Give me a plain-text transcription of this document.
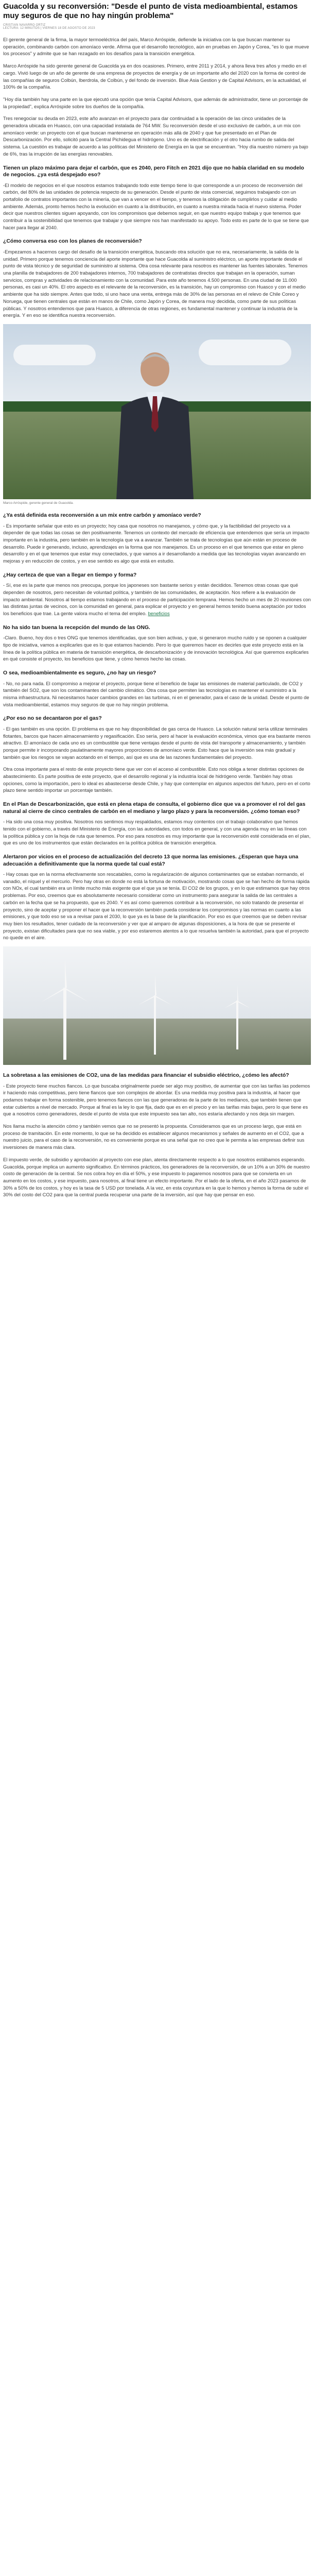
Guacolda y su reconversión: "Desde el punto de vista medioambiental, estamos muy seguros de que no hay ningún problema"
CRISTIAN NAVARRO ORTIZ
LECTURA: 12 MINUTOS | VIERNES 18 DE AGOSTO DE 2023

El gerente general de la firma, la mayor termoeléctrica del país, Marco Arróspide, defiende la iniciativa con la que buscan mantener su operación, combinando carbón con amoníaco verde. Afirma que el desarrollo tecnológico, aún en pruebas en Japón y Corea, "es lo que mueve los procesos" y admite que se han rezagado en los desafíos para la transición energética.

Marco Arróspide ha sido gerente general de Guacolda ya en dos ocasiones. Primero, entre 2011 y 2014, y ahora lleva tres años y medio en el cargo. Vivió luego de un año de gerente de una empresa de proyectos de energía y de un importante año del 2020 con la forma de control de las compañías de seguros Colbún, Iberdrola, de Colbún, y del fondo de inversión. Blue Asia Gestion y de Capital Advisors, en la actualidad, el 100% de la compañía.

"Hoy día también hay una parte en la que ejecutó una opción que tenía Capital Advisors, que además de administrador, tiene un porcentaje de la propiedad", explica Arróspide sobre los dueños de la compañía.

Tres renegociar su deuda en 2023, este año avanzan en el proyecto para dar continuidad a la operación de las cinco unidades de la generadora ubicada en Huasco, con una capacidad instalada de 764 MW. Su reconversión desde el uso exclusivo de carbón, a un mix con amoníaco verde: un proyecto con el que buscan mantenerse en operación más allá de 2040 y que fue presentado en el Plan de Descarbonización. Por ello, solicitó para la Central Pichidegua el hidrógeno. Uno es de electrificación y el otro hacia rumbo de salida del sistema. La cuestión es trabajar de acuerdo a las políticas del Ministerio de Energía en la que se encuentran. "Hoy día nuestro número ya bajo de 6%, tras la irrupción de las energías renovables.

Tienen un plazo máximo para dejar el carbón, que es 2040, pero Fitch en 2021 dijo que no había claridad en su modelo de negocios. ¿ya está despejado eso?

-El modelo de negocios en el que nosotros estamos trabajando todo este tiempo tiene lo que corresponde a un proceso de reconversión del carbón, del 80% de las unidades de potencia respecto de su generación. Desde el punto de vista comercial, seguimos trabajando con un portafolio de contratos importantes con la minería, que van a vencer en el tiempo, y tenemos la obligación de cumplirlos y cuidar al medio ambiente. Además, pronto hemos hecho la evolución en cuanto a la distribución, en cuanto a nuestra mirada hacia el nuevo sistema. Poder decir que nuestros clientes siguen apoyando, con los compromisos que debemos seguir, en que nuestro equipo trabaja y que tenemos que contribuir a la sostenibilidad que tenemos que trabajar y que siempre nos han manifestado su apoyo. Todo esto es parte de lo que se tiene que hacer para llegar al 2040.

¿Cómo conversa eso con los planes de reconversión?

-Empezamos a hacernos cargo del desafío de la transición energética, buscando otra solución que no era, necesariamente, la salida de la unidad. Primero porque tenemos conciencia del aporte importante que hace Guacolda al suministro eléctrico, un aporte importante desde el punto de vista técnico y de seguridad de suministro al sistema. Otra cosa relevante para nosotros es mantener las fuentes laborales. Tenemos una planilla de trabajadores de 200 trabajadores internos, 700 trabajadores de contratistas directos que trabajan en la operación, suman servicios, compras y actividades de relacionamiento con la comunidad. Para este año tenemos 4.500 personas. En una ciudad de 11.000 personas, es casi un 40%. El otro aspecto es el relevante de la reconversión, es la transición, hay un compromiso con Huasco y con el medio ambiente que ha sido siempre. Antes que todo, si uno hace una venta, entrega más de 30% de las personas en el relevo de Chile Coreo y Noruega, que tienen centrales que están en manos de Chile, como Japón y Corea, de manera muy decidida, como parte de sus políticas públicas. Y nosotros entendemos que para Huasco, a diferencia de otras regiones, es fundamental mantener y continuar la industria de la energía. Y en eso se identifica nuestra reconversión.

Marco Arróspide, gerente general de Guacolda.
¿Ya está definida esta reconversión a un mix entre carbón y amoníaco verde?

- Es importante señalar que esto es un proyecto; hoy casa que nosotros no manejamos, y cómo que, y la factibilidad del proyecto va a depender de que todas las cosas se den positivamente. Tenemos un contexto del mercado de eficiencia que entendemos que sería un impacto importante en la industria, pero también en la tecnología que va a avanzar. También se trata de tecnologías que aún están en proceso de desarrollo. Puede ir generando, incluso, aprendizajes en la forma que nos manejamos. Es un proceso en el que tenemos que estar en pleno desarrollo y en el que tenemos que estar muy conectados, y que vamos a ir desarrollando a medida que las tecnologías vayan avanzando en mejoras y en reducción de costos, y en ese sentido es algo que está en estudio.

¿Hay certeza de que van a llegar en tiempo y forma?

- Sí, ese es la parte que menos nos preocupa, porque los japoneses son bastante serios y están decididos. Tenemos otras cosas que qué dependen de nosotros, pero necesitan de voluntad política, y también de las comunidades, de aceptación. Nos refiere a la evaluación de impacto ambiental. Nosotros al tiempo estamos trabajando en el proceso de participación temprana. Hemos hecho un mes de 20 reuniones con las distintas juntas de vecinos, con la comunidad en general, para explicar el proyecto y en general hemos tenido buena aceptación por todos los beneficios que trae. La gente valora mucho el tema del empleo. beneficios

No ha sido tan buena la recepción del mundo de las ONG.

-Claro. Bueno, hoy dos o tres ONG que tenemos identificadas, que son bien activas, y que, si generaron mucho ruido y se oponen a cualquier tipo de iniciativa, vamos a explicarles que es lo que estamos haciendo. Pero lo que queremos hacer es decirles que este proyecto está en la línea de la política pública en materia de transición energética, de descarbonización y de innovación tecnológica. Así que queremos explicarles en qué consiste el proyecto, los beneficios que tiene, y cómo hemos hecho las cosas.

O sea, medioambientalmente es seguro, ¿no hay un riesgo?

- No, no para nada. El compromiso a mejorar el proyecto, porque tiene el beneficio de bajar las emisiones de material particulado, de CO2 y también del SO2, que son los contaminantes del cambio climático. Otra cosa que permiten las tecnologías es mantener el suministro a la misma infraestructura. Ni necesitamos hacer cambios grandes en las turbinas, ni en el generador, para el caso de la unidad. Desde el punto de vista medioambiental, estamos muy seguros de que no hay ningún problema.

¿Por eso no se decantaron por el gas?

- El gas también es una opción. El problema es que no hay disponibilidad de gas cerca de Huasco. La solución natural sería utilizar terminales flotantes, barcos que hacen almacenamiento y regasificación. Eso sería, pero al hacer la evaluación económica, vimos que era bastante menos atractivo. El amoníaco de cada uno es un combustible que tiene ventajas desde el punto de vista del transporte y almacenamiento, y también porque permite ir incorporando paulatinamente mayores proporciones de amoníaco verde. Esto hace que la inversión sea más gradual y también que los riesgos se vayan acotando en el tiempo, así que es una de las razones fundamentales del proyecto.

Otra cosa importante para el resto de este proyecto tiene que ver con el acceso al combustible. Esto nos obliga a tener distintas opciones de abastecimiento. Es parte positiva de este proyecto, que el desarrollo regional y la industria local de hidrógeno verde. También hay otras opciones, como la importación, pero lo ideal es abastecerse desde Chile, y hay que contemplar en algunos aspectos del futuro, pero en el corto plazo tiene sentido importar un porcentaje también.

En el Plan de Descarbonización, que está en plena etapa de consulta, el gobierno dice que va a promover el rol del gas natural al cierre de cinco centrales de carbón en el mediano y largo plazo y para la reconversión. ¿cómo toman eso?

- Ha sido una cosa muy positiva. Nosotros nos sentimos muy respaldados, estamos muy contentos con el trabajo colaborativo que hemos tenido con el gobierno, a través del Ministerio de Energía, con las autoridades, con todos en general, y con una agenda muy en las líneas con la política pública y con la hoja de ruta que tenemos. Por eso para nosotros es muy importante que la reconversión esté considerada en el plan, que es uno de los instrumentos que están declarados en la política pública de transición energética.

Alertaron por vicios en el proceso de actualización del decreto 13 que norma las emisiones. ¿Esperan que haya una adecuación a definitivamente que la norma quede tal cual está?

- Hay cosas que en la norma efectivamente son rescatables, como la regularización de algunos contaminantes que se estaban normando, el vanadio, el níquel y el mercurio. Pero hay otras en donde no está la fortuna de motivación, mostrando cosas que se han hecho de forma rápida con NOx, el cual también era un límite mucho más exigente que el que ya se tenía. El CO2 de los grupos, y en lo que estimamos que hay otros problemas. Por eso, creemos que es absolutamente necesario considerar como un instrumento para asegurar la salida de las centrales a carbón en la fecha que se ha propuesto, que es 2040. Y es así como queremos contribuir a la reconversión, no solo tratando de presentar el proyecto, sino de aceptar y proponer el hacer que la reconversión también pueda considerar los compromisos y las normas en cuanto a las emisiones, y que todo eso se va a revisar para el 2030, lo que ya es la base de la planificación. Por eso es que creemos que se deben revisar muy bien los resultados, tener cuidado de la reconversión y ver que al amparo de algunas disposiciones, a la hora de que se presente el proyecto, existan dificultades para que no sea viable, y por eso estaremos atentos a lo que resuelva también la autoridad, para que el proyecto no quede en el aire.

La sobretasa a las emisiones de CO2, una de las medidas para financiar el subsidio eléctrico, ¿cómo les afectó?

- Este proyecto tiene muchos flancos. Lo que buscaba originalmente puede ser algo muy positivo, de aumentar que con las tarifas las podemos ir haciendo más competitivas, pero tiene flancos que son complejos de abordar. Es una medida muy positiva para la industria, al hacer que podamos trabajar en forma sostenible, pero tenemos flancos con las que generadoras de la parte de los medianos, que también tienen que estar cubiertos a nivel de mercado. Porque al final es la ley lo que fija, dado que es en el precio y en las tarifas más bajas, pero lo que tiene es que a nosotros como generadores, desde el punto de vista que este impuesto sea tan alto, nos estaría afectando y nos deja sin margen.

Nos llama mucho la atención cómo y también vemos que no se presentó la propuesta. Consideramos que es un proceso largo, que está en proceso de tramitación. En este momento, lo que se ha decidido es establecer algunos mecanismos y señales de aumento en el CO2, que a nuestro juicio, para el caso de la reconversión, no es conveniente porque es una señal que no creo que le permita a las empresas definir sus inversiones de manera más clara.

El impuesto verde, de subsidio y aprobación al proyecto con ese plan, atenta directamente respecto a lo que nosotros estábamos esperando. Guacolda, porque implica un aumento significativo. En términos prácticos, los generadores de la reconversión, de un 10% a un 30% de nuestro costo de generación de la central. Se nos cobra hoy en día el 50%, y ese impuesto lo pagaremos nosotros para que se convierta en un aumento en los costos, y ese impuesto, para nosotros, al final tiene un efecto importante. Por el lado de la oferta, en el año 2023 pasamos de 30% a 50% de los costos, y hoy es la tasa de 5 USD por tonelada. A la vez, en esta coyuntura en la que lo hemos y hemos la forma de subir el 30% del costo del CO2 para que la central pueda recuperar una parte de la inversión, así que hay que pensar en eso.
